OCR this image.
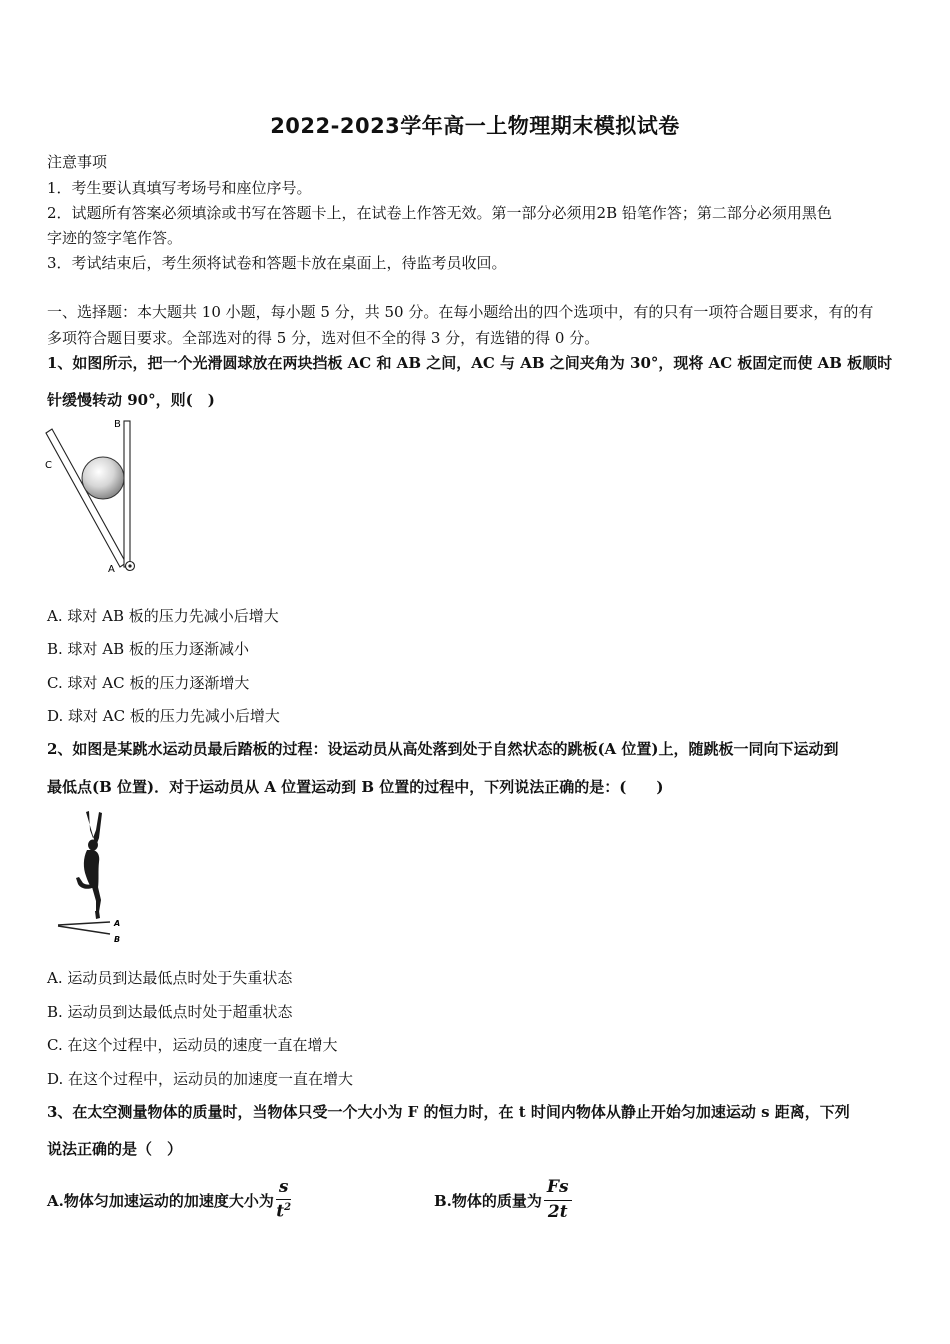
2022-2023学年高一上物理期末模拟试卷
注意事项
1．考生要认真填写考场号和座位序号。
2．试题所有答案必须填涂或书写在答题卡上，在试卷上作答无效。第一部分必须用2B 铅笔作答；第二部分必须用黑色
字迹的签字笔作答。
3．考试结束后，考生须将试卷和答题卡放在桌面上，待监考员收回。
一、选择题：本大题共 10 小题，每小题 5 分，共 50 分。在每小题给出的四个选项中，有的只有一项符合题目要求，有的有
多项符合题目要求。全部选对的得 5 分，选对但不全的得 3 分，有选错的得 0 分。
1、如图所示，把一个光滑圆球放在两块挡板 AC 和 AB 之间，AC 与 AB 之间夹角为 30°，现将 AC 板固定而使 AB 板顺时
针缓慢转动 90°，则(　)
B
C
A
A. 球对 AB 板的压力先减小后增大
B. 球对 AB 板的压力逐渐减小
C. 球对 AC 板的压力逐渐增大
D. 球对 AC 板的压力先减小后增大
2、如图是某跳水运动员最后踏板的过程：设运动员从高处落到处于自然状态的跳板(A 位置)上，随跳板一同向下运动到
最低点(B 位置)．对于运动员从 A 位置运动到 B 位置的过程中，下列说法正确的是：(　　)
A
B
A. 运动员到达最低点时处于失重状态
B. 运动员到达最低点时处于超重状态
C. 在这个过程中，运动员的速度一直在增大
D. 在这个过程中，运动员的加速度一直在增大
3、在太空测量物体的质量时，当物体只受一个大小为 F 的恒力时，在 t 时间内物体从静止开始匀加速运动 s 距离，下列
说法正确的是（　）
A.物体匀加速运动的加速度大小为 $\frac{s}{t^2}$	B.物体的质量为 $\frac{Fs}{2t}$
